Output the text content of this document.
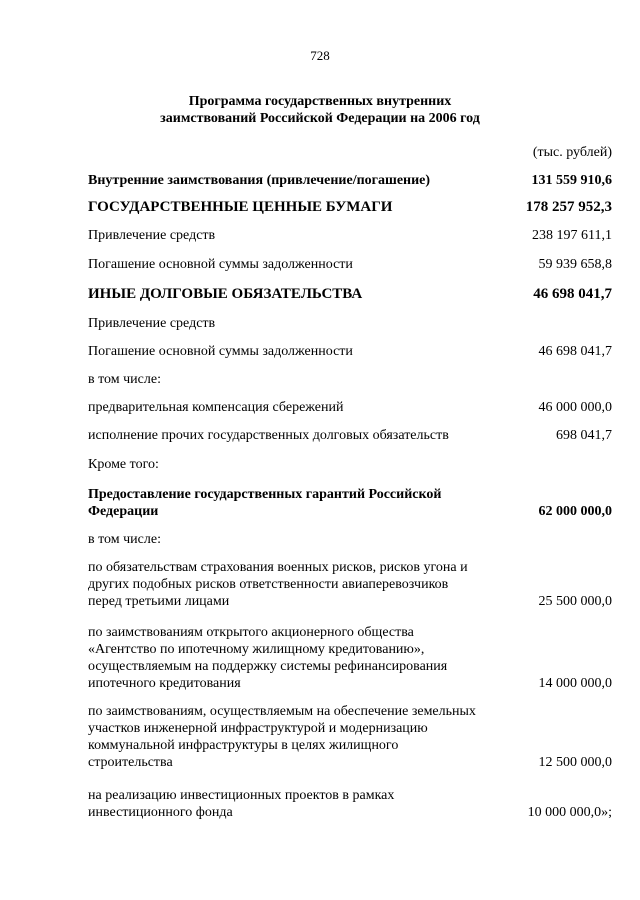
728
Программа государственных внутренних
заимствований Российской Федерации на 2006 год
(тыс. рублей)
Внутренние заимствования (привлечение/погашение)	131 559 910,6
ГОСУДАРСТВЕННЫЕ ЦЕННЫЕ БУМАГИ	178 257 952,3
Привлечение средств	238 197 611,1
Погашение основной суммы задолженности	59 939 658,8
ИНЫЕ ДОЛГОВЫЕ ОБЯЗАТЕЛЬСТВА	46 698 041,7
Привлечение средств
Погашение основной суммы задолженности	46 698 041,7
в том числе:
предварительная компенсация сбережений	46 000 000,0
исполнение прочих государственных долговых обязательств	698 041,7
Кроме того:
Предоставление государственных гарантий Российской
Федерации	62 000 000,0
в том числе:
по обязательствам страхования военных рисков, рисков угона и
других подобных рисков ответственности авиаперевозчиков
перед третьими лицами	25 500 000,0
по заимствованиям открытого акционерного общества
«Агентство по ипотечному жилищному кредитованию»,
осуществляемым на поддержку системы рефинансирования
ипотечного кредитования	14 000 000,0
по заимствованиям, осуществляемым на обеспечение земельных
участков инженерной инфраструктурой и модернизацию
коммунальной инфраструктуры в целях жилищного
строительства	12 500 000,0
на реализацию инвестиционных проектов в рамках
инвестиционного фонда	10 000 000,0»;
